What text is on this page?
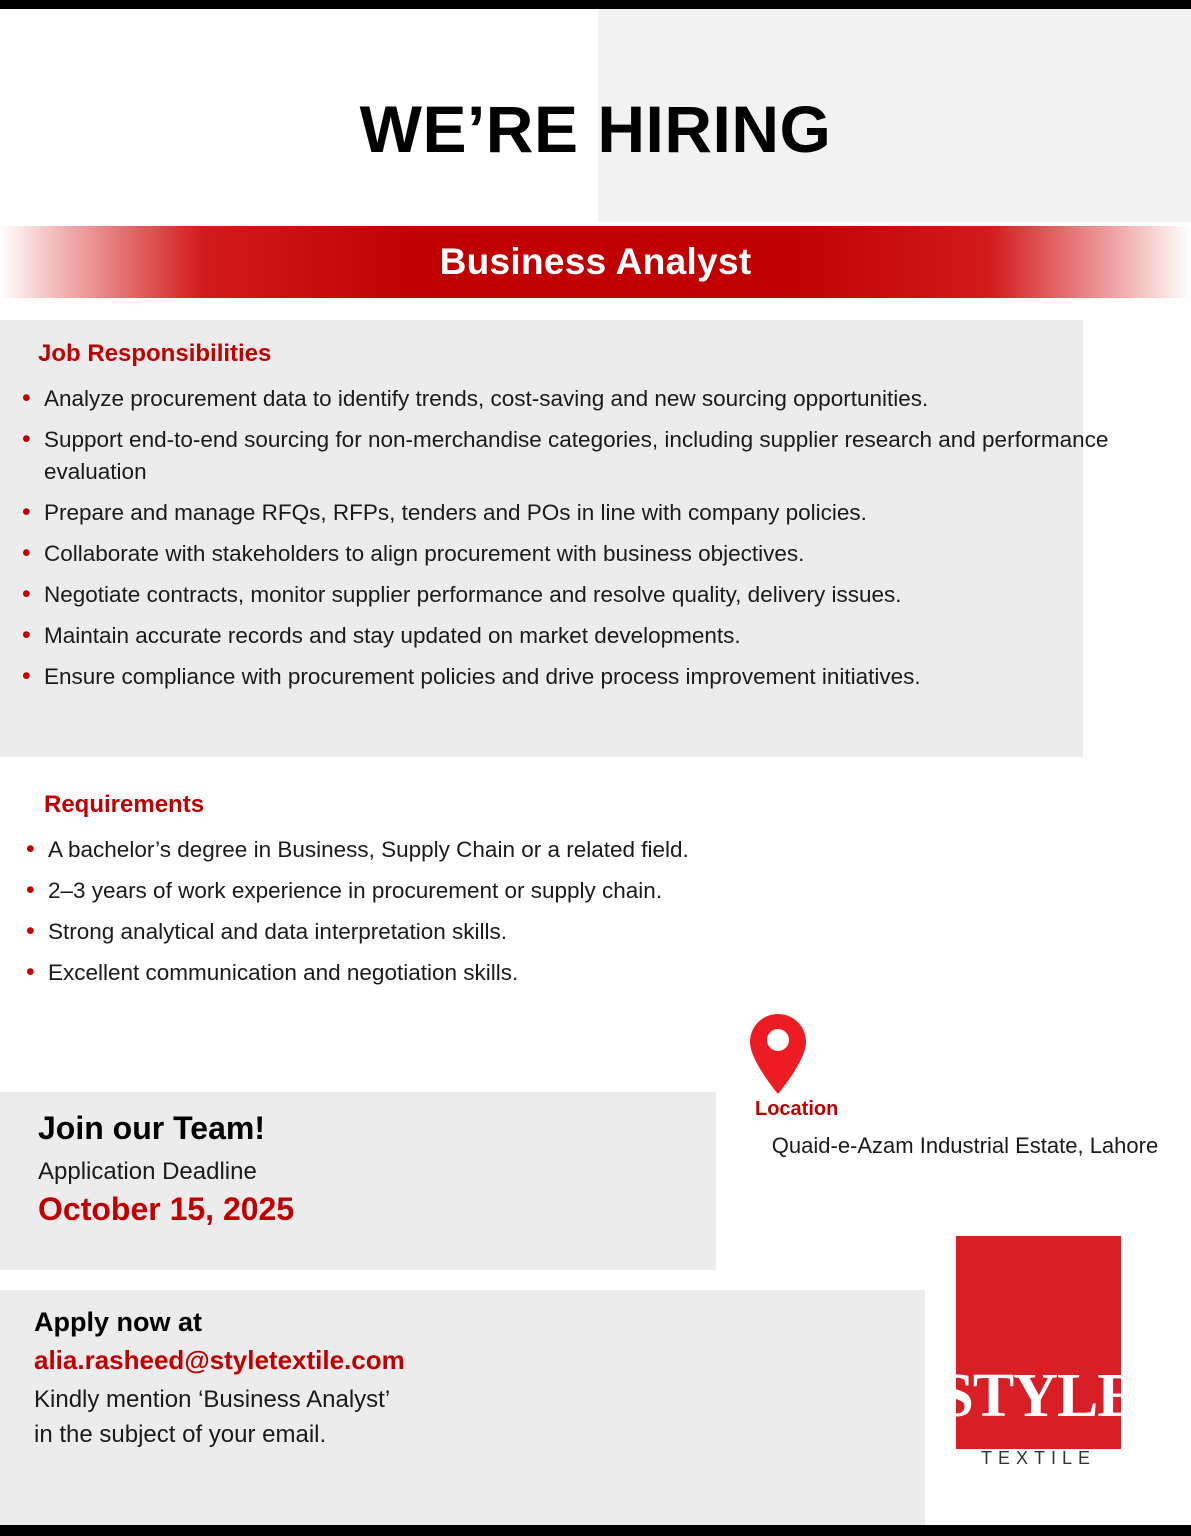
WE’RE HIRING
Business Analyst
Job Responsibilities
• Analyze procurement data to identify trends, cost-saving and new sourcing opportunities.
• Support end-to-end sourcing for non-merchandise categories, including supplier research and performance evaluation
• Prepare and manage RFQs, RFPs, tenders and POs in line with company policies.
• Collaborate with stakeholders to align procurement with business objectives.
• Negotiate contracts, monitor supplier performance and resolve quality, delivery issues.
• Maintain accurate records and stay updated on market developments.
• Ensure compliance with procurement policies and drive process improvement initiatives.
Requirements
• A bachelor’s degree in Business, Supply Chain or a related field.
• 2–3 years of work experience in procurement or supply chain.
• Strong analytical and data interpretation skills.
• Excellent communication and negotiation skills.
Join our Team!
Application Deadline
October 15, 2025
Apply now at
alia.rasheed@styletextile.com
Kindly mention ‘Business Analyst’
in the subject of your email.
Location
Quaid-e-Azam Industrial Estate, Lahore
STYLE
TEXTILE
